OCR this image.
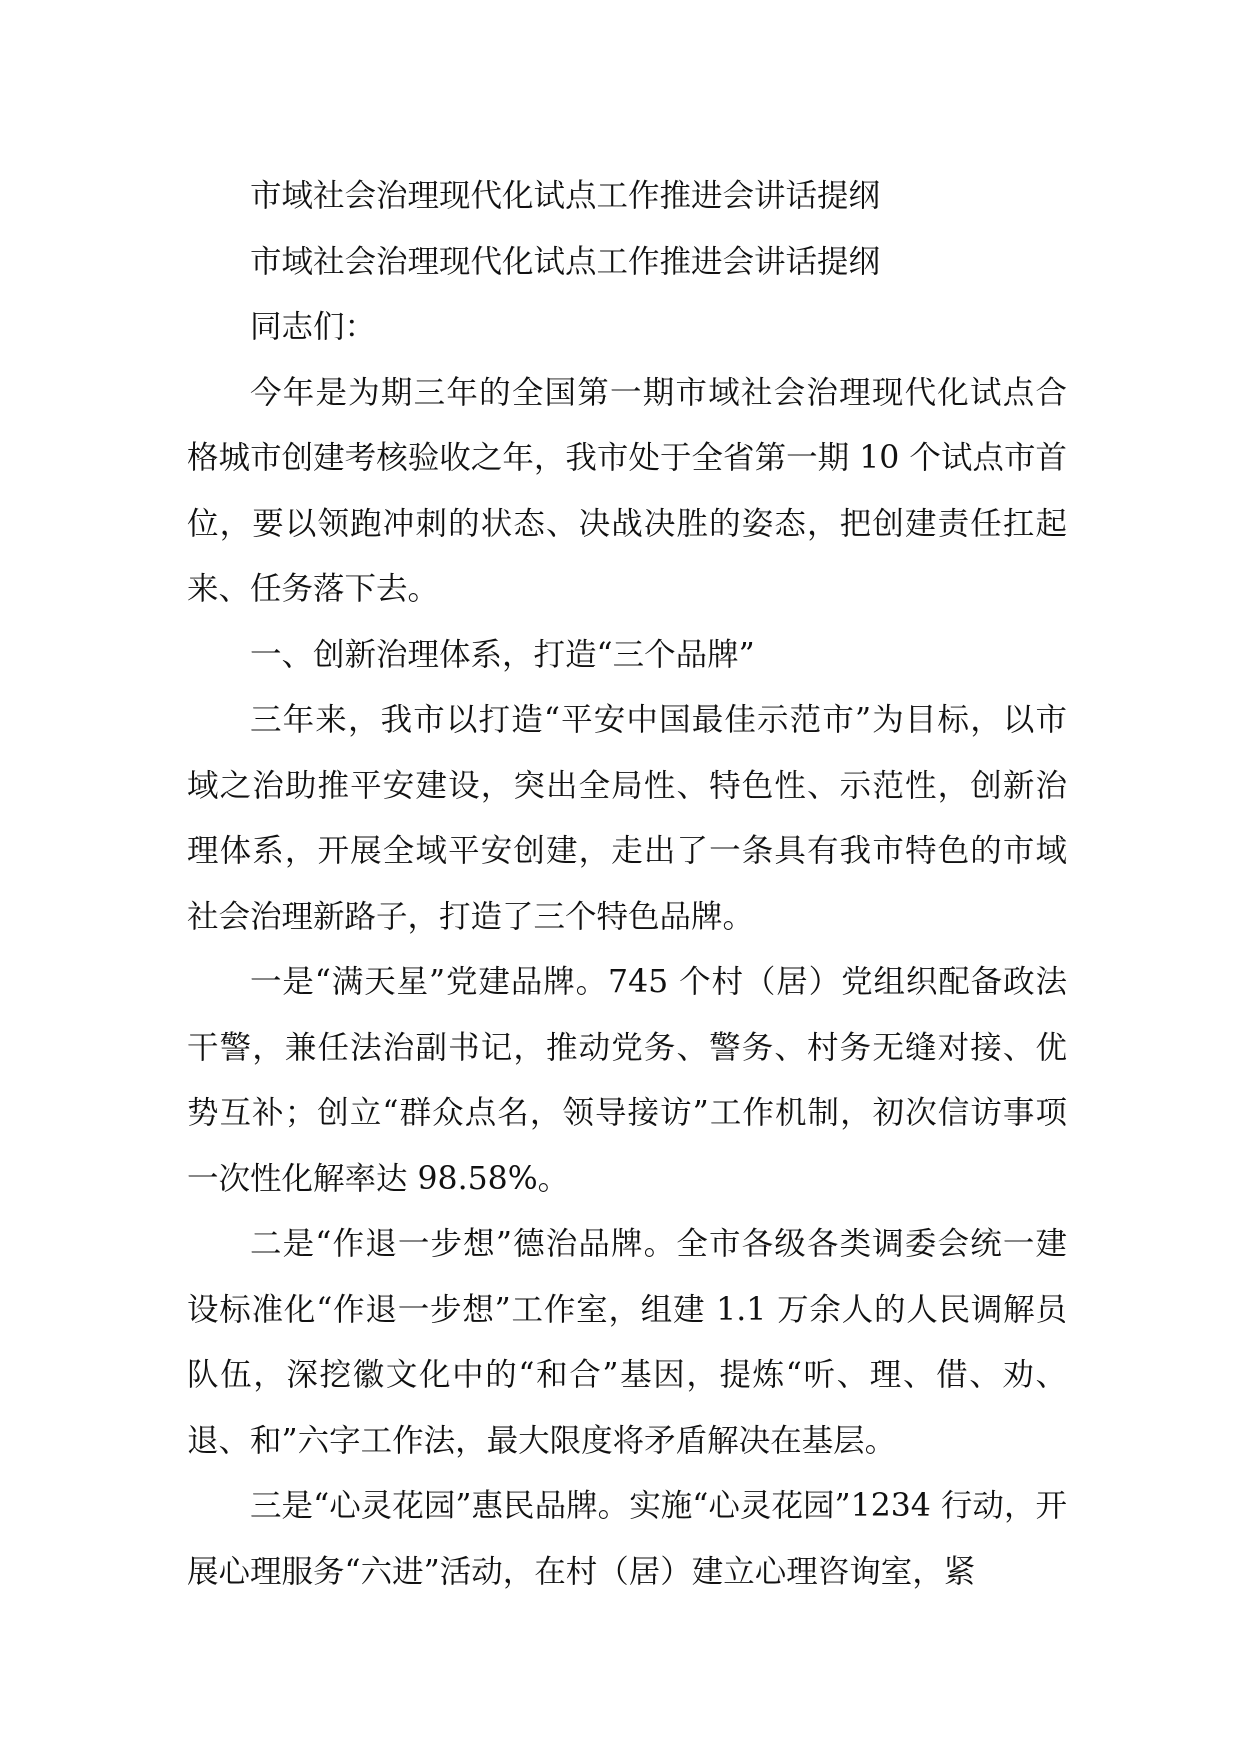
市域社会治理现代化试点工作推进会讲话提纲

市域社会治理现代化试点工作推进会讲话提纲

同志们：

今年是为期三年的全国第一期市域社会治理现代化试点合格城市创建考核验收之年，我市处于全省第一期 10 个试点市首位，要以领跑冲刺的状态、决战决胜的姿态，把创建责任扛起来、任务落下去。

一、创新治理体系，打造“三个品牌”

三年来，我市以打造“平安中国最佳示范市”为目标，以市域之治助推平安建设，突出全局性、特色性、示范性，创新治理体系，开展全域平安创建，走出了一条具有我市特色的市域社会治理新路子，打造了三个特色品牌。

一是“满天星”党建品牌。745 个村（居）党组织配备政法干警，兼任法治副书记，推动党务、警务、村务无缝对接、优势互补；创立“群众点名，领导接访”工作机制，初次信访事项一次性化解率达 98.58%。

二是“作退一步想”德治品牌。全市各级各类调委会统一建设标准化“作退一步想”工作室，组建 1.1 万余人的人民调解员队伍，深挖徽文化中的“和合”基因，提炼“听、理、借、劝、退、和”六字工作法，最大限度将矛盾解决在基层。

三是“心灵花园”惠民品牌。实施“心灵花园”1234 行动，开展心理服务“六进”活动，在村（居）建立心理咨询室，紧
